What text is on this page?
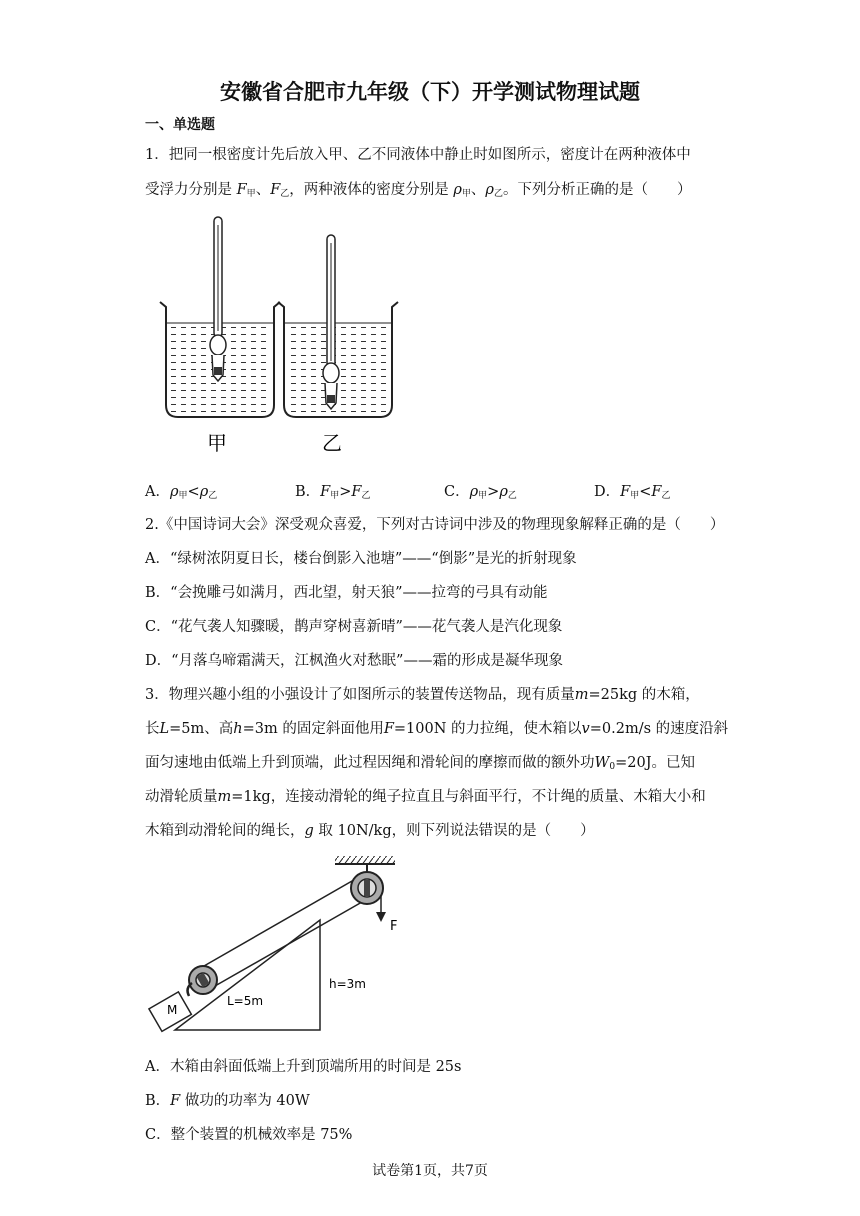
安徽省合肥市九年级（下）开学测试物理试题
一、单选题
1．把同一根密度计先后放入甲、乙不同液体中静止时如图所示，密度计在两种液体中
受浮力分别是 $F_甲$、$F_乙$，两种液体的密度分别是 $\rho_甲$、$\rho_乙$。下列分析正确的是（　　）
甲	乙
A．$\rho_甲<\rho_乙$	B．$F_甲>F_乙$	C．$\rho_甲>\rho_乙$	D．$F_甲<F_乙$
2.《中国诗词大会》深受观众喜爱，下列对古诗词中涉及的物理现象解释正确的是（　　）
A．“绿树浓阴夏日长，楼台倒影入池塘”——“倒影”是光的折射现象
B．“会挽雕弓如满月，西北望，射天狼”——拉弯的弓具有动能
C．“花气袭人知骤暖，鹊声穿树喜新晴”——花气袭人是汽化现象
D．“月落乌啼霜满天，江枫渔火对愁眠”——霜的形成是凝华现象
3．物理兴趣小组的小强设计了如图所示的装置传送物品，现有质量m=25kg 的木箱，
长L=5m、高h=3m 的固定斜面他用F=100N 的力拉绳，使木箱以v=0.2m/s 的速度沿斜
面匀速地由低端上升到顶端，此过程因绳和滑轮间的摩擦而做的额外功$W_0=20J$。已知
动滑轮质量m=1kg，连接动滑轮的绳子拉直且与斜面平行，不计绳的质量、木箱大小和
木箱到动滑轮间的绳长，g 取 10N/kg，则下列说法错误的是（　　）
F
M
L=5m
h=3m
A．木箱由斜面低端上升到顶端所用的时间是 25s
B．F 做功的功率为 40W
C．整个装置的机械效率是 75%
试卷第1页，共7页
